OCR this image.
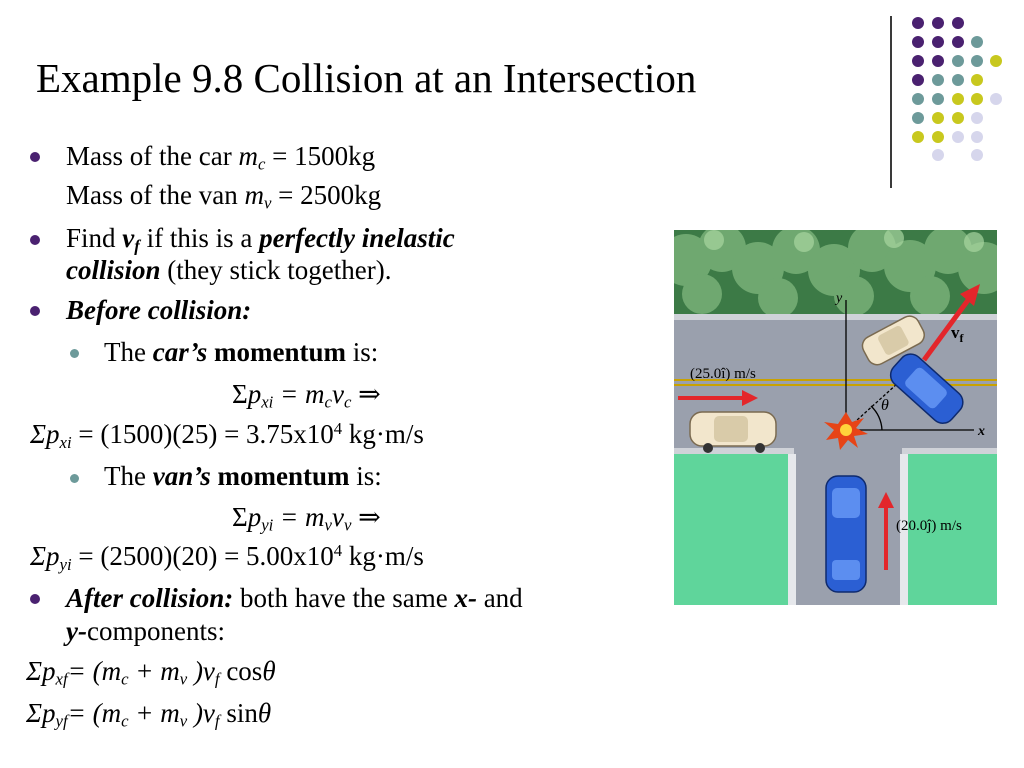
Example 9.8 Collision at an Intersection
Mass of the car $m_c = 1500kg$
Mass of the van $m_v = 2500kg$
Find $v_f$ if this is a perfectly inelastic
collision (they stick together).
Before collision:
The car’s momentum is:
$\Sigma p_{xi} = m_cv_c$ ⇒
$\Sigma p_{xi} = (1500)(25) = 3.75x10^4$ kg·m/s
The van’s momentum is:
$\Sigma p_{yi} = m_vv_v$ ⇒
$\Sigma p_{yi} = (2500)(20) = 5.00x10^4$ kg·m/s
After collision: both have the same x- and
y-components:
$\Sigma p_{xf}= (m_c + m_v$ )$v_f$ cosθ
$\Sigma p_{yf}= (m_c + m_v$ )$v_f$ sinθ
y
x
θ
$v_f$
(25.0î) m/s
(20.0ĵ) m/s
